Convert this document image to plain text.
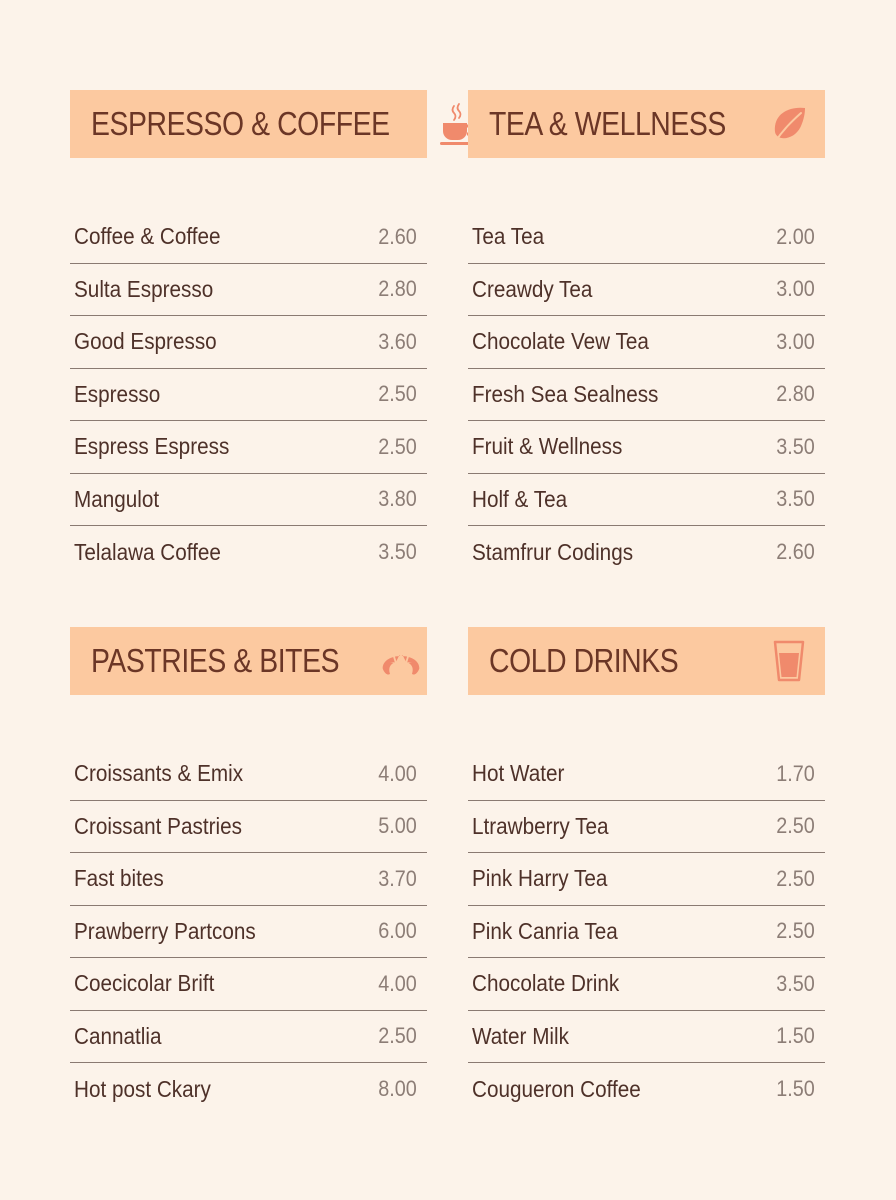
ESPRESSO & COFFEE
Coffee & Coffee	2.60
Sulta Espresso	2.80
Good Espresso	3.60
Espresso	2.50
Espress Espress	2.50
Mangulot	3.80
Telalawa Coffee	3.50
TEA & WELLNESS
Tea Tea	2.00
Creawdy Tea	3.00
Chocolate Vew Tea	3.00
Fresh Sea Sealness	2.80
Fruit & Wellness	3.50
Holf & Tea	3.50
Stamfrur Codings	2.60
PASTRIES & BITES
Croissants & Emix	4.00
Croissant Pastries	5.00
Fast bites	3.70
Prawberry Partcons	6.00
Coecicolar Brift	4.00
Cannatlia	2.50
Hot post Ckary	8.00
COLD DRINKS
Hot Water	1.70
Ltrawberry Tea	2.50
Pink Harry Tea	2.50
Pink Canria Tea	2.50
Chocolate Drink	3.50
Water Milk	1.50
Cougueron Coffee	1.50
